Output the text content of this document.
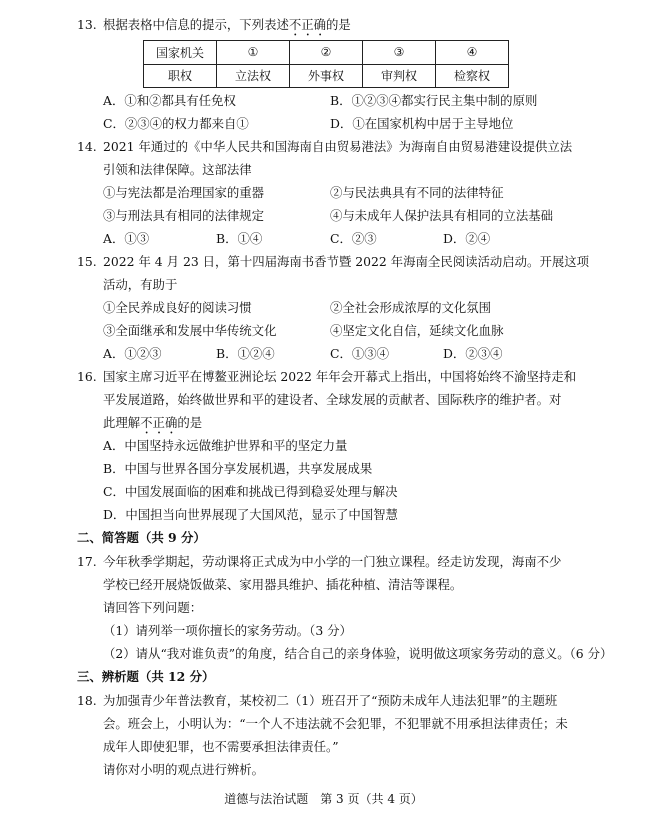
13. 根据表格中信息的提示，下列表述不正确的是
国家机关	①	②	③	④
职权	立法权	外事权	审判权	检察权
A．①和②都具有任免权	B．①②③④都实行民主集中制的原则
C．②③④的权力都来自①	D．①在国家机构中居于主导地位
14. 2021 年通过的《中华人民共和国海南自由贸易港法》为海南自由贸易港建设提供立法
引领和法律保障。这部法律
①与宪法都是治理国家的重器	②与民法典具有不同的法律特征
③与刑法具有相同的法律规定	④与未成年人保护法具有相同的立法基础
A．①③	B．①④	C．②③	D．②④
15. 2022 年 4 月 23 日，第十四届海南书香节暨 2022 年海南全民阅读活动启动。开展这项
活动，有助于
①全民养成良好的阅读习惯	②全社会形成浓厚的文化氛围
③全面继承和发展中华传统文化	④坚定文化自信，延续文化血脉
A．①②③	B．①②④	C．①③④	D．②③④
16. 国家主席习近平在博鳌亚洲论坛 2022 年年会开幕式上指出，中国将始终不渝坚持走和
平发展道路，始终做世界和平的建设者、全球发展的贡献者、国际秩序的维护者。对
此理解不正确的是
A．中国坚持永远做维护世界和平的坚定力量
B．中国与世界各国分享发展机遇，共享发展成果
C．中国发展面临的困难和挑战已得到稳妥处理与解决
D．中国担当向世界展现了大国风范，显示了中国智慧
二、简答题（共 9 分）
17. 今年秋季学期起，劳动课将正式成为中小学的一门独立课程。经走访发现，海南不少
学校已经开展烧饭做菜、家用器具维护、插花种植、清洁等课程。
请回答下列问题：
（1）请列举一项你擅长的家务劳动。（3 分）
（2）请从“我对谁负责”的角度，结合自己的亲身体验，说明做这项家务劳动的意义。（6 分）
三、辨析题（共 12 分）
18. 为加强青少年普法教育，某校初二（1）班召开了“预防未成年人违法犯罪”的主题班
会。班会上，小明认为：“一个人不违法就不会犯罪，不犯罪就不用承担法律责任；未
成年人即使犯罪，也不需要承担法律责任。”
请你对小明的观点进行辨析。
道德与法治试题　第 3 页（共 4 页）
